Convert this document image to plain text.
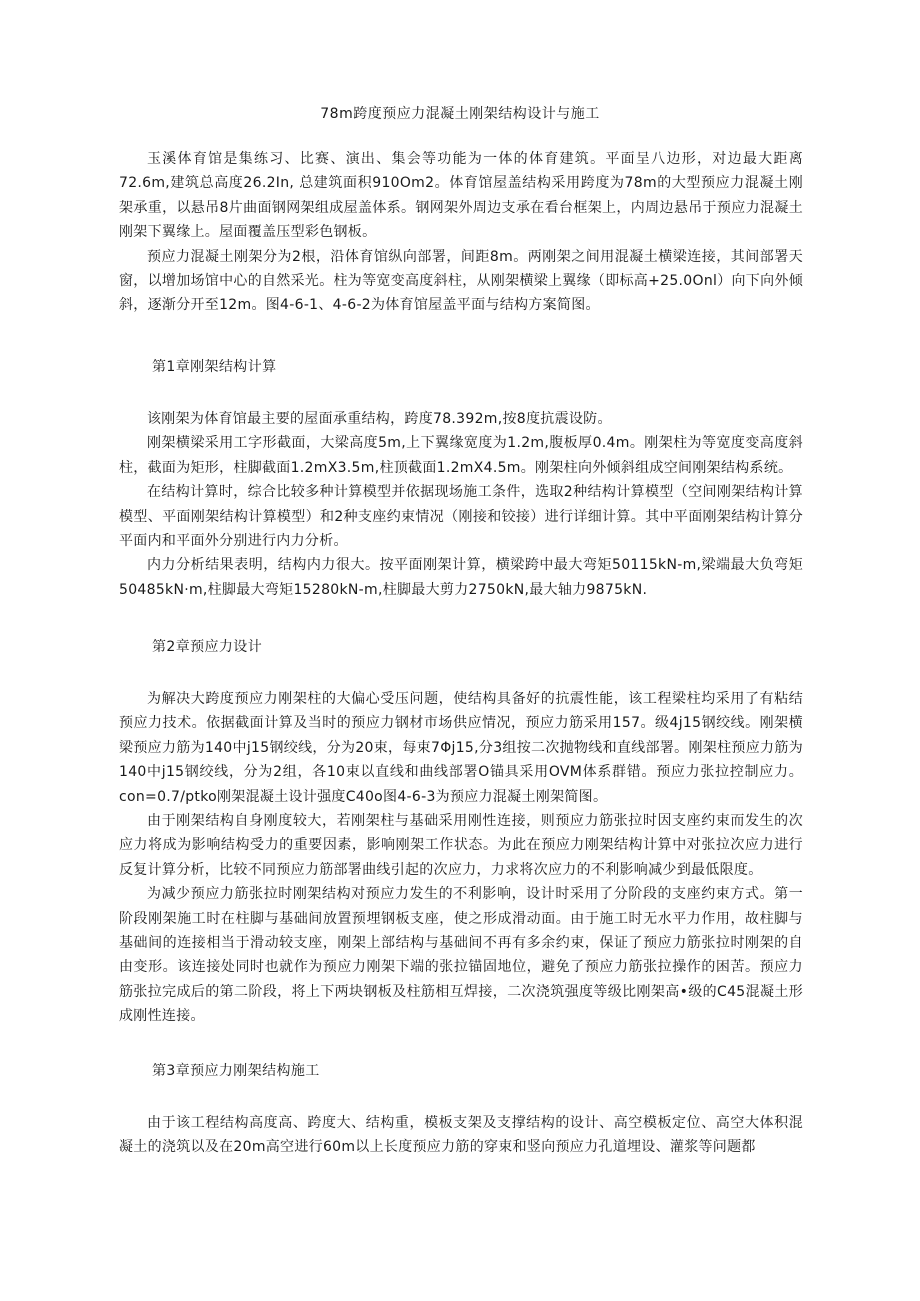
78m跨度预应力混凝土刚架结构设计与施工

玉溪体育馆是集练习、比赛、演出、集会等功能为一体的体育建筑。平面呈八边形，对边最大距离72.6m,建筑总高度26.2In, 总建筑面积910Om2。体育馆屋盖结构采用跨度为78m的大型预应力混凝土刚架承重，以悬吊8片曲面钢网架组成屋盖体系。钢网架外周边支承在看台框架上，内周边悬吊于预应力混凝土刚架下翼缘上。屋面覆盖压型彩色钢板。

预应力混凝土刚架分为2根，沿体育馆纵向部署，间距8m。两刚架之间用混凝土横梁连接，其间部署天窗，以增加场馆中心的自然采光。柱为等宽变高度斜柱，从刚架横梁上翼缘（即标高+25.0Onl）向下向外倾斜，逐渐分开至12m。图4-6-1、4-6-2为体育馆屋盖平面与结构方案简图。

第1章刚架结构计算

该刚架为体育馆最主要的屋面承重结构，跨度78.392m,按8度抗震设防。

刚架横梁采用工字形截面，大梁高度5m,上下翼缘宽度为1.2m,腹板厚0.4m。刚架柱为等宽度变高度斜柱，截面为矩形，柱脚截面1.2mX3.5m,柱顶截面1.2mX4.5m。刚架柱向外倾斜组成空间刚架结构系统。

在结构计算时，综合比较多种计算模型并依据现场施工条件，选取2种结构计算模型（空间刚架结构计算模型、平面刚架结构计算模型）和2种支座约束情况（刚接和铰接）进行详细计算。其中平面刚架结构计算分平面内和平面外分别进行内力分析。

内力分析结果表明，结构内力很大。按平面刚架计算，横梁跨中最大弯矩50115kN-m,梁端最大负弯矩50485kN·m,柱脚最大弯矩15280kN-m,柱脚最大剪力2750kN,最大轴力9875kN.

第2章预应力设计

为解决大跨度预应力刚架柱的大偏心受压问题，使结构具备好的抗震性能，该工程梁柱均采用了有粘结预应力技术。依据截面计算及当时的预应力钢材市场供应情况，预应力筋采用157。级4j15钢绞线。刚架横梁预应力筋为140中j15钢绞线，分为20束，每束7Φj15,分3组按二次抛物线和直线部署。刚架柱预应力筋为140中j15钢绞线，分为2组，各10束以直线和曲线部署O锚具采用OVM体系群错。预应力张拉控制应力。con=0.7/ptko刚架混凝土设计强度C40o图4-6-3为预应力混凝土刚架简图。

由于刚架结构自身刚度较大，若刚架柱与基础采用刚性连接，则预应力筋张拉时因支座约束而发生的次应力将成为影响结构受力的重要因素，影响刚架工作状态。为此在预应力刚架结构计算中对张拉次应力进行反复计算分析，比较不同预应力筋部署曲线引起的次应力，力求将次应力的不利影响减少到最低限度。

为减少预应力筋张拉时刚架结构对预应力发生的不利影响，设计时采用了分阶段的支座约束方式。第一阶段刚架施工时在柱脚与基础间放置预埋钢板支座，使之形成滑动面。由于施工时无水平力作用，故柱脚与基础间的连接相当于滑动较支座，刚架上部结构与基础间不再有多余约束，保证了预应力筋张拉时刚架的自由变形。该连接处同时也就作为预应力刚架下端的张拉锚固地位，避免了预应力筋张拉操作的困苦。预应力筋张拉完成后的第二阶段，将上下两块钢板及柱筋相互焊接，二次浇筑强度等级比刚架高•级的C45混凝土形成刚性连接。

第3章预应力刚架结构施工

由于该工程结构高度高、跨度大、结构重，模板支架及支撑结构的设计、高空模板定位、高空大体积混凝土的浇筑以及在20m高空进行60m以上长度预应力筋的穿束和竖向预应力孔道埋设、灌浆等问题都
